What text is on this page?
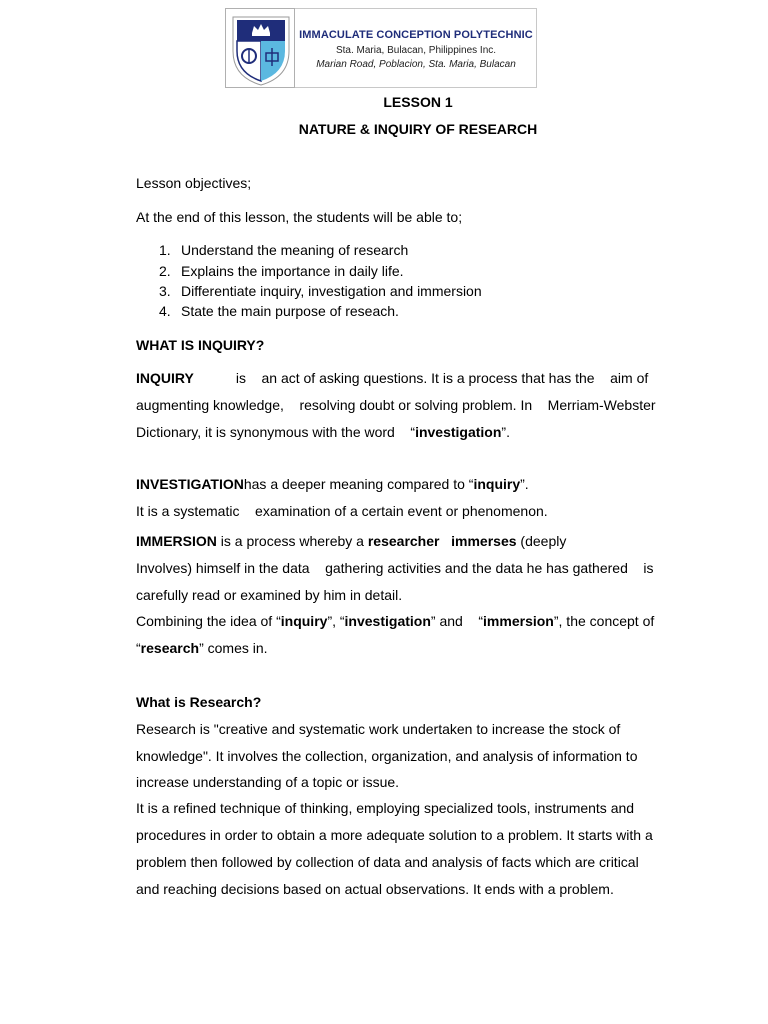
IMMACULATE CONCEPTION POLYTECHNIC
Sta. Maria, Bulacan, Philippines Inc.
Marian Road, Poblacion, Sta. Maria, Bulacan
LESSON 1
NATURE & INQUIRY OF RESEARCH
Lesson objectives;
At the end of this lesson, the students will be able to;
1. Understand the meaning of research
2. Explains the importance in daily life.
3. Differentiate inquiry, investigation and immersion
4. State the main purpose of reseach.
WHAT IS INQUIRY?
INQUIRY	is    an act of asking questions. It is a process that has the    aim of
augmenting knowledge,    resolving doubt or solving problem. In    Merriam-Webster
Dictionary, it is synonymous with the word    “investigation”.
INVESTIGATIONhas a deeper meaning compared to “inquiry”.
It is a systematic    examination of a certain event or phenomenon.
IMMERSION is a process whereby a researcher   immerses (deeply
Involves) himself in the data    gathering activities and the data he has gathered    is
carefully read or examined by him in detail.
Combining the idea of “inquiry”, “investigation” and    “immersion”, the concept of
“research” comes in.
What is Research?
Research is "creative and systematic work undertaken to increase the stock of
knowledge". It involves the collection, organization, and analysis of information to
increase understanding of a topic or issue.
It is a refined technique of thinking, employing specialized tools, instruments and
procedures in order to obtain a more adequate solution to a problem. It starts with a
problem then followed by collection of data and analysis of facts which are critical
and reaching decisions based on actual observations. It ends with a problem.
